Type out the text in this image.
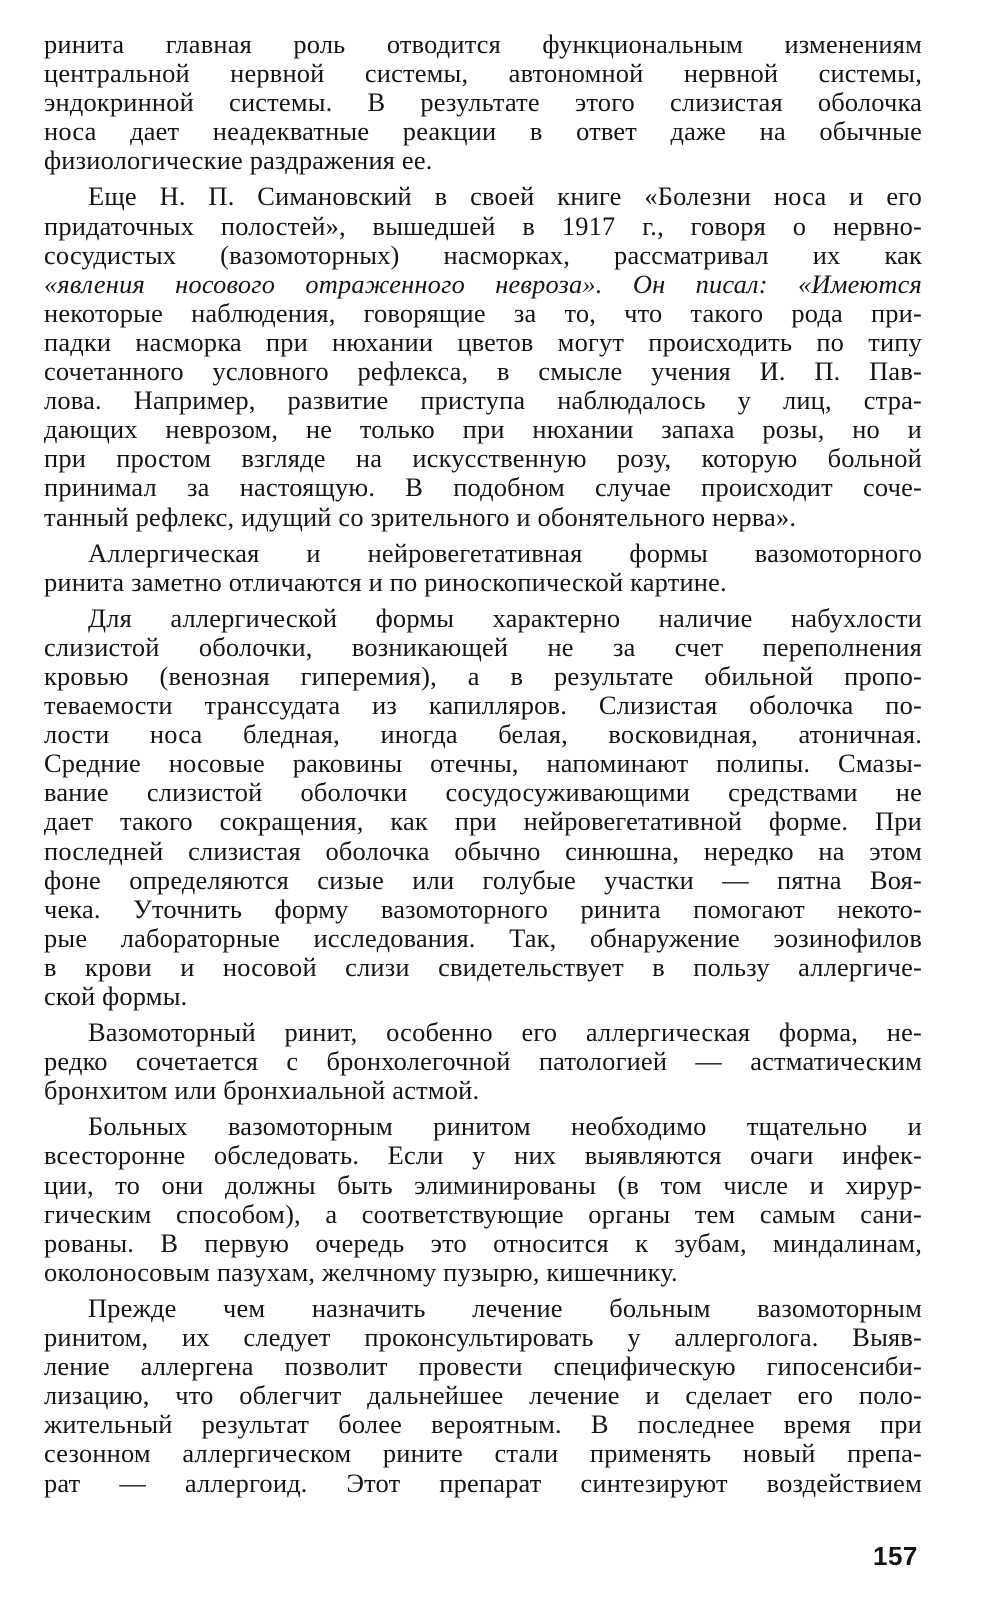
ринита главная роль отводится функциональным изменениям
центральной нервной системы, автономной нервной системы,
эндокринной системы. В результате этого слизистая оболочка
носа дает неадекватные реакции в ответ даже на обычные
физиологические раздражения ее.

Еще Н. П. Симановский в своей книге «Болезни носа и его
придаточных полостей», вышедшей в 1917 г., говоря о нервно-
сосудистых (вазомоторных) насморках, рассматривал их как
«явления носового отраженного невроза». Он писал: «Имеются
некоторые наблюдения, говорящие за то, что такого рода при-
падки насморка при нюхании цветов могут происходить по типу
сочетанного условного рефлекса, в смысле учения И. П. Пав-
лова. Например, развитие приступа наблюдалось у лиц, стра-
дающих неврозом, не только при нюхании запаха розы, но и
при простом взгляде на искусственную розу, которую больной
принимал за настоящую. В подобном случае происходит соче-
танный рефлекс, идущий со зрительного и обонятельного нерва».

Аллергическая и нейровегетативная формы вазомоторного
ринита заметно отличаются и по риноскопической картине.

Для аллергической формы характерно наличие набухлости
слизистой оболочки, возникающей не за счет переполнения
кровью (венозная гиперемия), а в результате обильной пропо-
теваемости транссудата из капилляров. Слизистая оболочка по-
лости носа бледная, иногда белая, восковидная, атоничная.
Средние носовые раковины отечны, напоминают полипы. Смазы-
вание слизистой оболочки сосудосуживающими средствами не
дает такого сокращения, как при нейровегетативной форме. При
последней слизистая оболочка обычно синюшна, нередко на этом
фоне определяются сизые или голубые участки — пятна Воя-
чека. Уточнить форму вазомоторного ринита помогают некото-
рые лабораторные исследования. Так, обнаружение эозинофилов
в крови и носовой слизи свидетельствует в пользу аллергиче-
ской формы.

Вазомоторный ринит, особенно его аллергическая форма, не-
редко сочетается с бронхолегочной патологией — астматическим
бронхитом или бронхиальной астмой.

Больных вазомоторным ринитом необходимо тщательно и
всесторонне обследовать. Если у них выявляются очаги инфек-
ции, то они должны быть элиминированы (в том числе и хирур-
гическим способом), а соответствующие органы тем самым сани-
рованы. В первую очередь это относится к зубам, миндалинам,
околоносовым пазухам, желчному пузырю, кишечнику.

Прежде чем назначить лечение больным вазомоторным
ринитом, их следует проконсультировать у аллерголога. Выяв-
ление аллергена позволит провести специфическую гипосенсиби-
лизацию, что облегчит дальнейшее лечение и сделает его поло-
жительный результат более вероятным. В последнее время при
сезонном аллергическом рините стали применять новый препа-
рат — аллергоид. Этот препарат синтезируют воздействием

157
